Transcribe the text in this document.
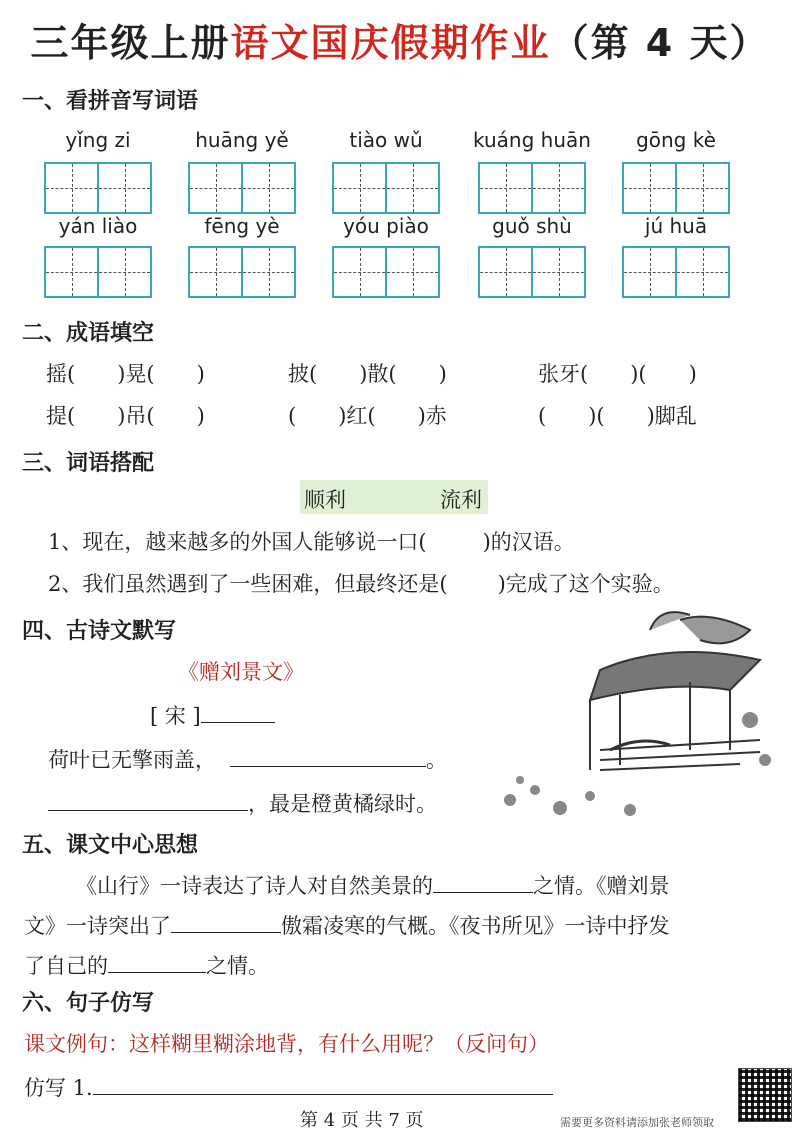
三年级上册语文国庆假期作业（第 4 天）
一、看拼音写词语
yǐng zi	huāng yě	tiào wǔ	kuáng huān	gōng kè
yán liào	fēng yè	yóu piào	guǒ shù	jú huā
二、成语填空
摇(　　)晃(　　)	披(　　)散(　　)	张牙(　　)(　　)
提(　　)吊(　　)	(　　)红(　　)赤	(　　)(　　)脚乱
三、词语搭配
顺利	流利
1、现在，越来越多的外国人能够说一口(	)的汉语。
2、我们虽然遇到了一些困难，但最终还是( )完成了这个实验。
四、古诗文默写
《赠刘景文》
[ 宋 ]
荷叶已无擎雨盖，	。
，最是橙黄橘绿时。
五、课文中心思想
《山行》一诗表达了诗人对自然美景的	之情。《赠刘景
文》一诗突出了	傲霜凌寒的气概。《夜书所见》一诗中抒发
了自己的	之情。
六、句子仿写
课文例句：这样糊里糊涂地背，有什么用呢？（反问句）
仿写 1.
第 4 页 共 7 页	需要更多资料请添加张老师领取
